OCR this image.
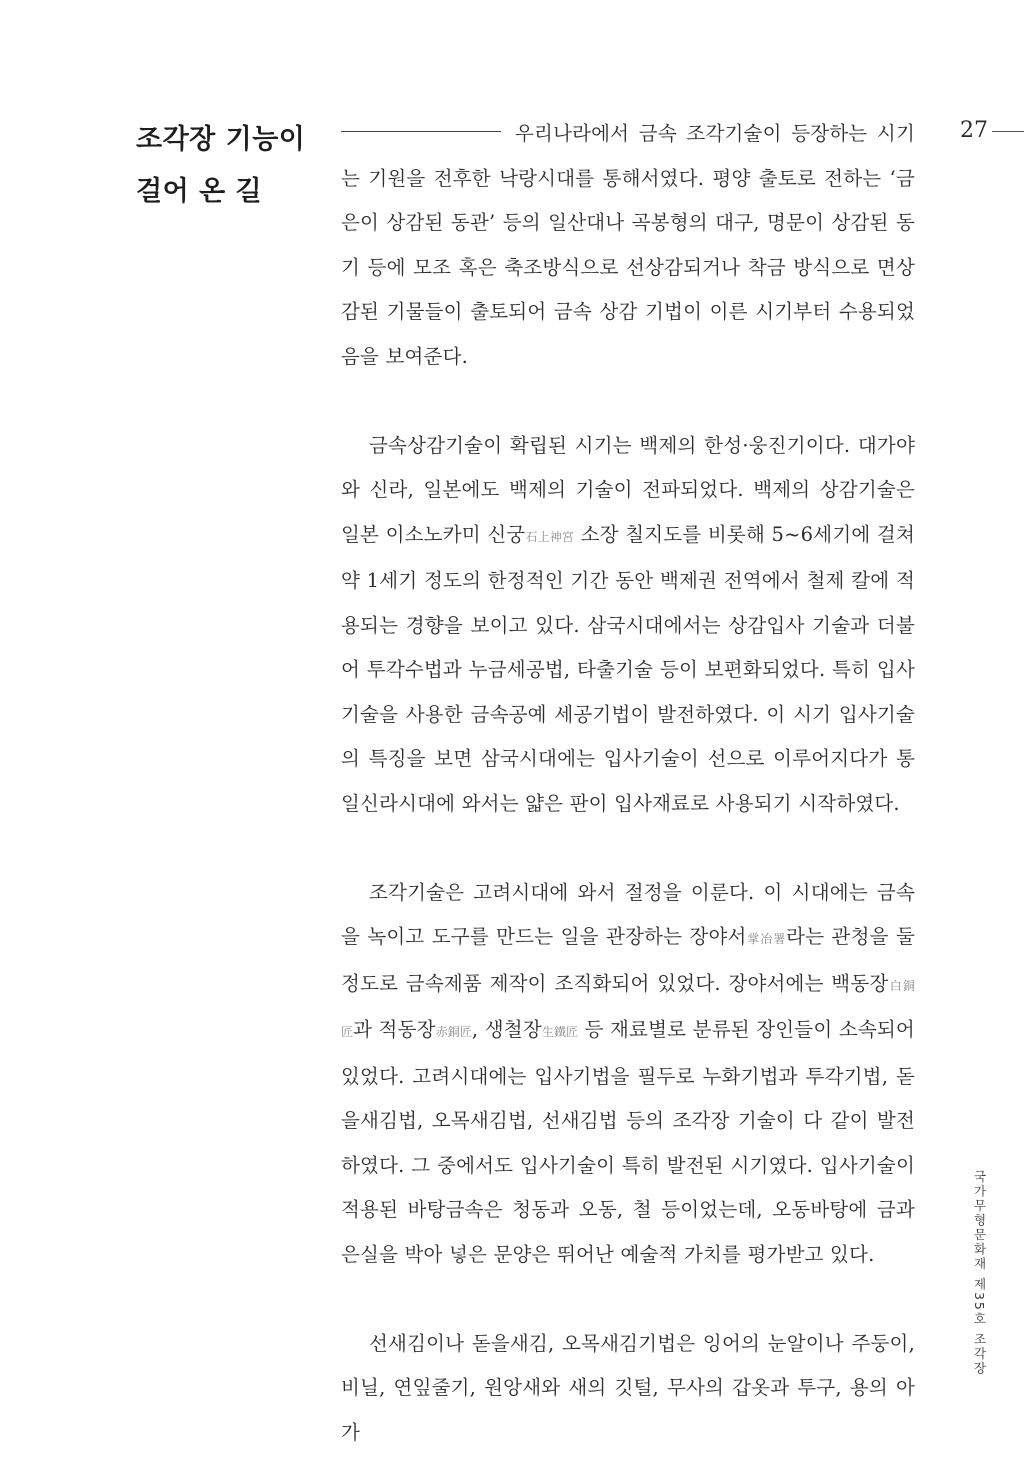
조각장 기능이
걸어 온 길
27

우리나라에서 금속 조각기술이 등장하는 시기는 기원을 전후한 낙랑시대를 통해서였다. 평양 출토로 전하는 ‘금은이 상감된 동관’ 등의 일산대나 곡봉형의 대구, 명문이 상감된 동기 등에 모조 혹은 축조방식으로 선상감되거나 착금 방식으로 면상감된 기물들이 출토되어 금속 상감 기법이 이른 시기부터 수용되었음을 보여준다.

금속상감기술이 확립된 시기는 백제의 한성·웅진기이다. 대가야와 신라, 일본에도 백제의 기술이 전파되었다. 백제의 상감기술은 일본 이소노카미 신궁石上神宮 소장 칠지도를 비롯해 5~6세기에 걸쳐 약 1세기 정도의 한정적인 기간 동안 백제권 전역에서 철제 칼에 적용되는 경향을 보이고 있다. 삼국시대에서는 상감입사 기술과 더불어 투각수법과 누금세공법, 타출기술 등이 보편화되었다. 특히 입사기술을 사용한 금속공예 세공기법이 발전하였다. 이 시기 입사기술의 특징을 보면 삼국시대에는 입사기술이 선으로 이루어지다가 통일신라시대에 와서는 얇은 판이 입사재료로 사용되기 시작하였다.

조각기술은 고려시대에 와서 절정을 이룬다. 이 시대에는 금속을 녹이고 도구를 만드는 일을 관장하는 장야서掌冶署라는 관청을 둘 정도로 금속제품 제작이 조직화되어 있었다. 장야서에는 백동장白銅匠과 적동장赤銅匠, 생철장生鐵匠 등 재료별로 분류된 장인들이 소속되어 있었다. 고려시대에는 입사기법을 필두로 누화기법과 투각기법, 돋을새김법, 오목새김법, 선새김법 등의 조각장 기술이 다 같이 발전하였다. 그 중에서도 입사기술이 특히 발전된 시기였다. 입사기술이 적용된 바탕금속은 청동과 오동, 철 등이었는데, 오동바탕에 금과 은실을 박아 넣은 문양은 뛰어난 예술적 가치를 평가받고 있다.

선새김이나 돋을새김, 오목새김기법은 잉어의 눈알이나 주둥이, 비닐, 연잎줄기, 원앙새와 새의 깃털, 무사의 갑옷과 투구, 용의 아가

국가무형문화재 제35호 조각장
